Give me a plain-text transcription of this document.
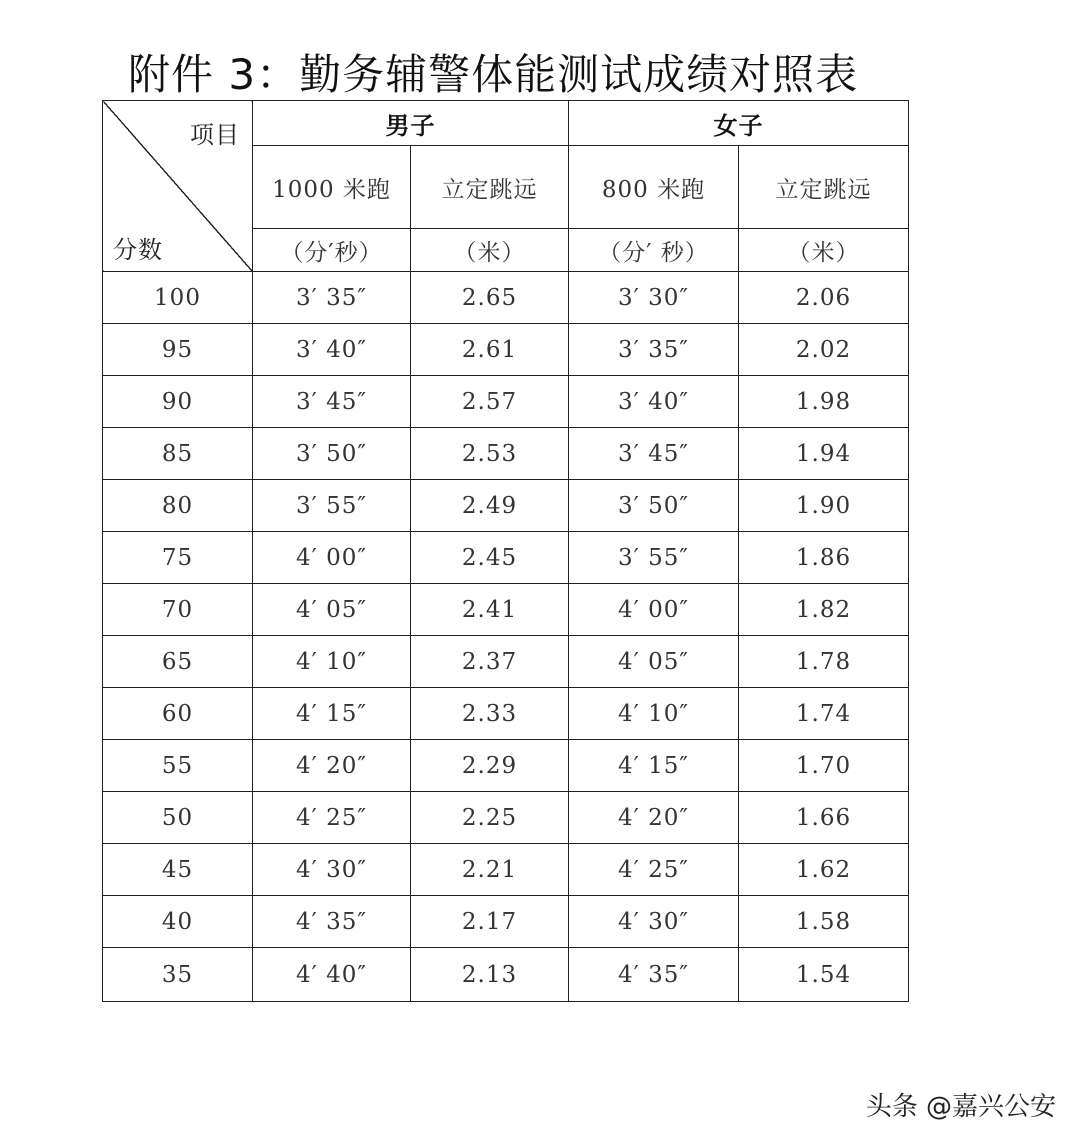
附件 3：勤务辅警体能测试成绩对照表
项目
分数	男子		女子	
	1000 米跑	立定跳远	800 米跑	立定跳远
	（分′秒）	（米）	（分′ 秒）	（米）
100	3′ 35″	2.65	3′ 30″	2.06
95	3′ 40″	2.61	3′ 35″	2.02
90	3′ 45″	2.57	3′ 40″	1.98
85	3′ 50″	2.53	3′ 45″	1.94
80	3′ 55″	2.49	3′ 50″	1.90
75	4′ 00″	2.45	3′ 55″	1.86
70	4′ 05″	2.41	4′ 00″	1.82
65	4′ 10″	2.37	4′ 05″	1.78
60	4′ 15″	2.33	4′ 10″	1.74
55	4′ 20″	2.29	4′ 15″	1.70
50	4′ 25″	2.25	4′ 20″	1.66
45	4′ 30″	2.21	4′ 25″	1.62
40	4′ 35″	2.17	4′ 30″	1.58
35	4′ 40″	2.13	4′ 35″	1.54
头条 @嘉兴公安
